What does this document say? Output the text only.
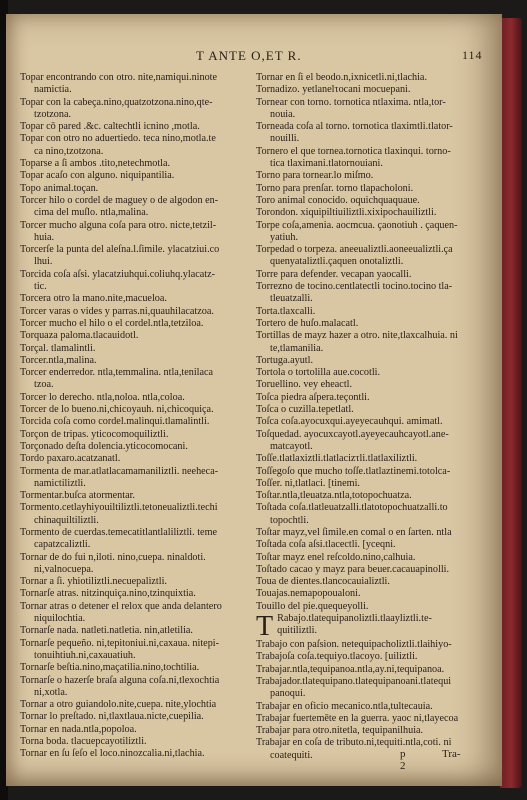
T ANTE O,ET R.	114
Topar encontrando con otro. nite,namiqui.ninote
namictia.
Topar con la cabeça.nino,quatzotzona.nino,qte-
tzotzona.
Topar cō pared .&c. caltechtli icnino ,motla.
Topar con otro no aduertiedo. teca nino,motla.te
ca nino,tzotzona.
Toparse a ſi ambos .tito,netechmotla.
Topar acaſo con alguno. niquipantilia.
Topo animal.toçan.
Torcer hilo o cordel de maguey o de algodon en-
cima del muſlo. ntla,malina.
Torcer mucho alguna coſa para otro. nicte,tetzil-
huia.
Torcerſe la punta del aleſna.l.ſimile. ylacatziui.co
lhui.
Torcida coſa aſsi. ylacatziuhqui.coliuhq.ylacatz-
tic.
Torcera otro la mano.nite,macueloa.
Torcer varas o vides y parras.ni,quauhilacatzoa.
Torcer mucho el hilo o el cordel.ntla,tetziloa.
Torquaza paloma.tlacauidotl.
Torçal. tlamalintli.
Torcer.ntla,malina.
Torcer enderredor. ntla,temmalina. ntla,tenilaca
tzoa.
Torcer lo derecho. ntla,noloa. ntla,coloa.
Torcer de lo bueno.ni,chicoyauh. ni,chicoquiça.
Torcida coſa como cordel.malinqui.tlamalintli.
Torçon de tripas. yticocomoquiliztli.
Torçonado deſta dolencia.yticocomocani.
Tordo paxaro.acatzanatl.
Tormenta de mar.atlatlacamamaniliztli. neeheca-
namictiliztli.
Tormentar.buſca atormentar.
Tormento.cetlayhiyouiltiliztli.tetoneualiztli.techi
chinaquiltiliztli.
Tormento de cuerdas.temecatitlantlaliliztli. teme
capatzcaliztli.
Tornar de do fui n,iloti. nino,cuepa. ninaldoti.
ni,valnocuepa.
Tornar a ſi. yhiotiliztli.necuepaliztli.
Tornarſe atras. nitzinquiça.nino,tzinquixtia.
Tornar atras o detener el relox que anda delantero
niquilochtia.
Tornarſe nada. natleti.natletia. nin,atletilia.
Tornarſe pequeño. ni,tepitoniui.ni,caxaua. nitepi-
tonuihtiuh.ni,caxauatiuh.
Tornarſe beſtia.nino,maçatilia.nino,tochtilia.
Tornarſe o hazerſe braſa alguna coſa.ni,tlexochtia
ni,xotla.
Tornar a otro guiandolo.nite,cuepa. nite,ylochtia
Tornar lo preſtado. ni,tlaxtlaua.nicte,cuepilia.
Tornar en nada.ntla,popoloa.
Torna boda. tlacuepcayotiliztli.
Tornar en ſu ſeſo el loco.ninozcalia.ni,tlachia.
Tornar en ſi el beodo.n,ixnicetli.ni,tlachia.
Tornadizo. yetlanelτocani mocuepani.
Tornear con torno. tornotica ntlaxima. ntla,tor-
nouia.
Torneada coſa al torno. tornotica tlaximtli.tlator-
nouilli.
Tornero el que tornea.tornotica tlaxinqui. torno-
tica tlaximani.tlatornouiani.
Torno para tornear.lo miſmo.
Torno para prenſar. torno tlapacholoni.
Toro animal conocido. oquichquaquaue.
Torondon. xiquipiltiuiliztli.xixipochauiliztli.
Torpe coſa,amenia. aocmcua. çaonotiuh . çaquen-
yatiuh.
Torpedad o torpeza. aneeualiztli.aoneeualiztli.ça
quenyataliztli.çaquen onotaliztli.
Torre para defender. vecapan yaocalli.
Torrezno de tocino.centlatectli tocino.tocino tla-
tleuatzalli.
Torta.tlaxcalli.
Tortero de huſo.malacatl.
Tortillas de mayz hazer a otro. nite,tlaxcalhuia. ni
te,tlamanilia.
Tortuga.ayutl.
Tortola o tortolilla aue.cocotli.
Toruellino. vey eheactl.
Toſca piedra aſpera.teçontli.
Toſca o cuzilla.tepetlatl.
Toſca coſa.ayocuxqui.ayeyecauhqui. amimatl.
Toſquedad. ayocuxcayotl.ayeyecauhcayotl.ane-
matcayotl.
Toſſe.tlatlaxiztli.tlatlacizτli.tlatlaxiliztli.
Toſſegoſo que mucho toſſe.tlatlaztinemi.totolca-
Toſſer. ni,tlatlaci. [tinemi.
Toſtar.ntla,tleuatza.ntla,totopochuatza.
Toſtada coſa.tlatleuatzalli.tlatotopochuatzalli.to
topochtli.
Toſtar mayz,vel ſimile.en comal o en ſarten. ntla
Toſtada coſa aſsi.tlacectli. [yceqni.
Toſtar mayz enel reſcoldo.nino,calhuia.
Toſtado cacao y mayz para beuer.cacauapinolli.
Toua de dientes.tlancocauializtli.
Touajas.nemapopoualoni.
Touillo del pie.quequeyolli.
T Rabajo.tlatequipanoliztli.tlaayliztli.te-
quitiliztli.
Trabajo con paſsion. netequipacholiztli.tlaihiyo-
Trabajoſa coſa.tequiyo.tlacoyo. [uiliztli.
Trabajar.ntla,tequipanoa.ntla,ay.ni,tequipanoa.
Trabajador.tlatequipano.tlatequipanoani.tlatequi
panoqui.
Trabajar en oficio mecanico.ntla,tultecauia.
Trabajar fuertemēte en la guerra. yaoc ni,tlayecoa
Trabajar para otro.nitetla, tequipanilhuia.
Trabajar en coſa de tributo.ni,tequiti.ntla,coti. ni
coatequiti.	p 2
Tra-
